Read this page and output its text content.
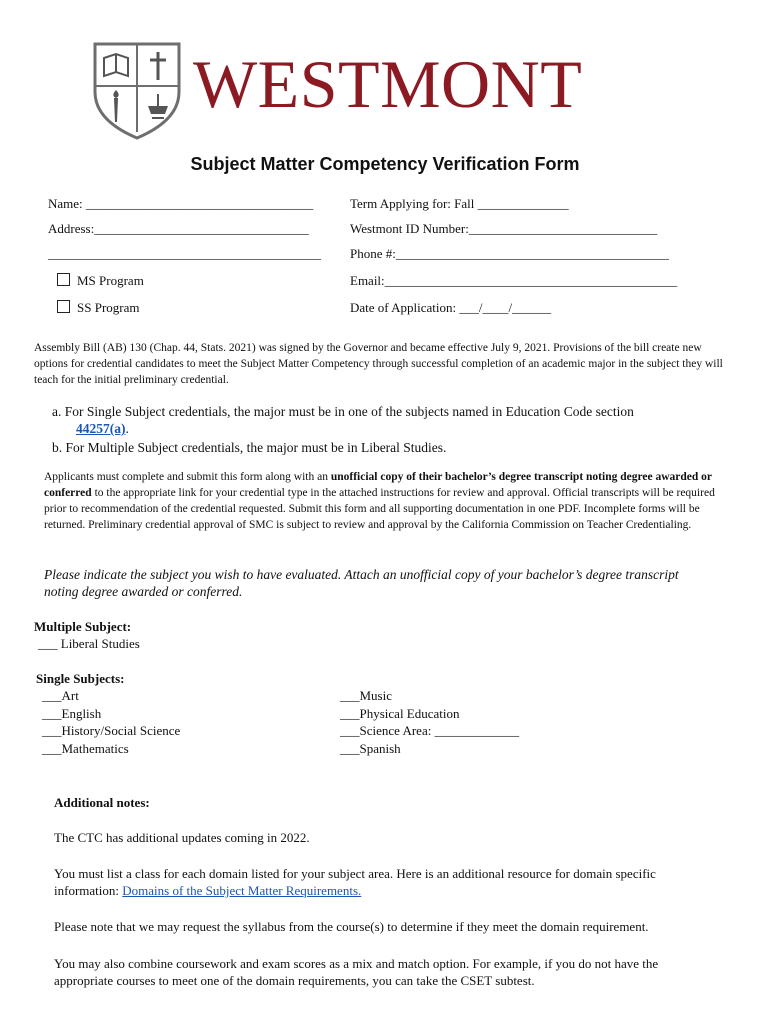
WESTMONT
Subject Matter Competency Verification Form
Name: ___________________________________
Address:_________________________________
__________________________________________
MS Program
SS Program
Term Applying for: Fall ______________
Westmont ID Number:_____________________________
Phone #:__________________________________________
Email:_____________________________________________
Date of Application: ___/____/______
Assembly Bill (AB) 130 (Chap. 44, Stats. 2021) was signed by the Governor and became effective July 9, 2021. Provisions of the bill create new options for credential candidates to meet the Subject Matter Competency through successful completion of an academic major in the subject they will teach for the initial preliminary credential.
a. For Single Subject credentials, the major must be in one of the subjects named in Education Code section
44257(a).
b. For Multiple Subject credentials, the major must be in Liberal Studies.
Applicants must complete and submit this form along with an unofficial copy of their bachelor’s degree transcript noting degree awarded or conferred to the appropriate link for your credential type in the attached instructions for review and approval. Official transcripts will be required prior to recommendation of the credential requested. Submit this form and all supporting documentation in one PDF. Incomplete forms will be returned. Preliminary credential approval of SMC is subject to review and approval by the California Commission on Teacher Credentialing.
Please indicate the subject you wish to have evaluated. Attach an unofficial copy of your bachelor’s degree transcript noting degree awarded or conferred.
Multiple Subject:
___ Liberal Studies
Single Subjects:
___Art
___English
___History/Social Science
___Mathematics
___Music
___Physical Education
___Science Area: _____________
___Spanish
Additional notes:
The CTC has additional updates coming in 2022.
You must list a class for each domain listed for your subject area. Here is an additional resource for domain specific information: Domains of the Subject Matter Requirements.
Please note that we may request the syllabus from the course(s) to determine if they meet the domain requirement.
You may also combine coursework and exam scores as a mix and match option. For example, if you do not have the appropriate courses to meet one of the domain requirements, you can take the CSET subtest.
